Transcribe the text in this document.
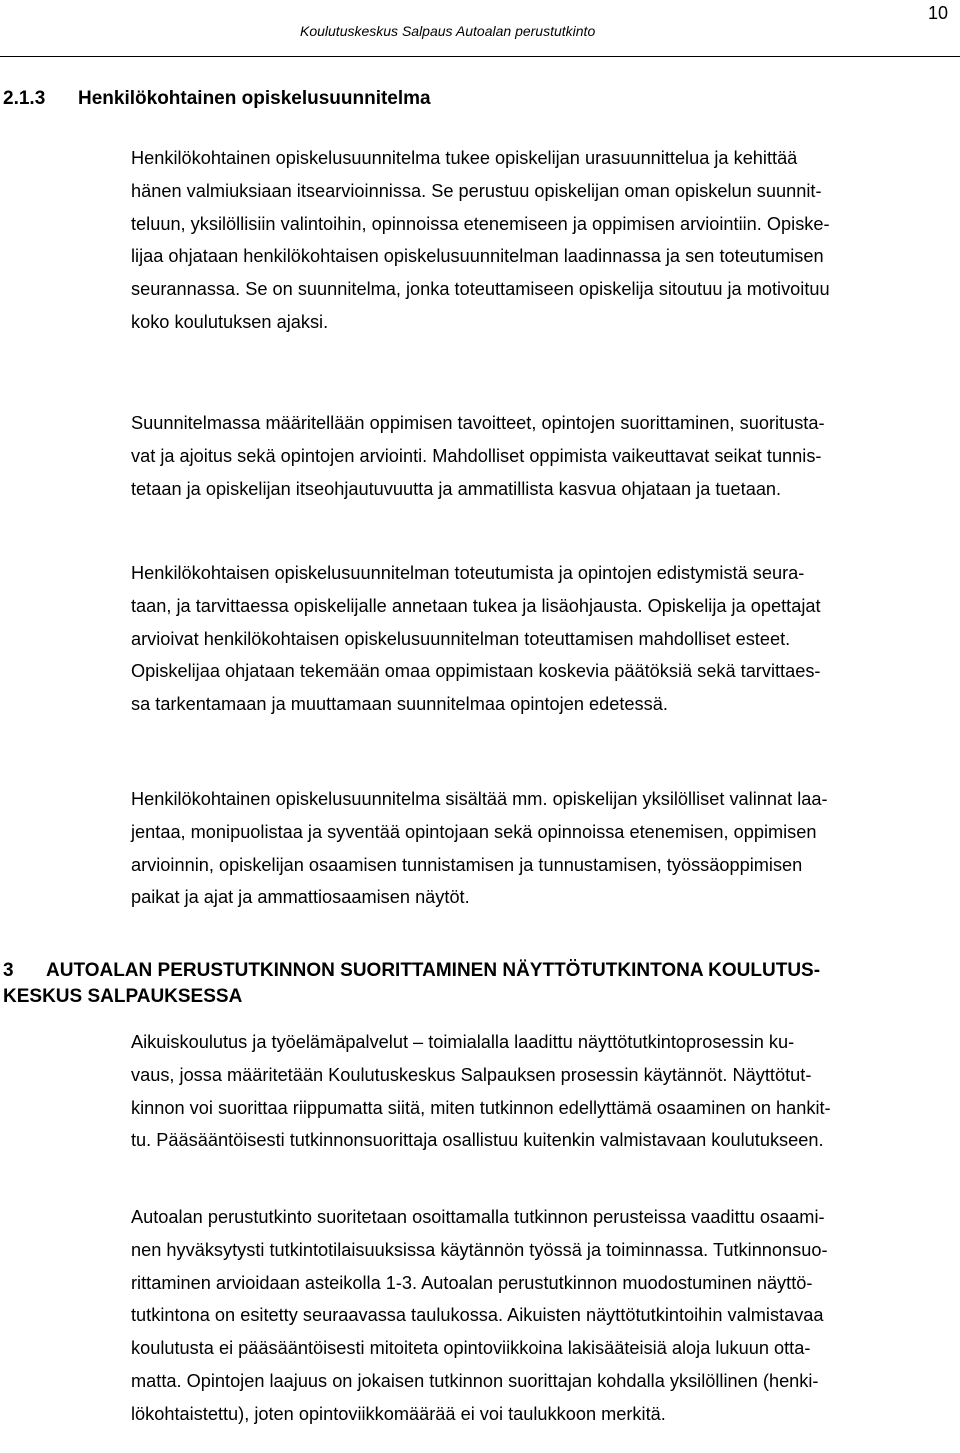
10
Koulutuskeskus Salpaus Autoalan perustutkinto
2.1.3 Henkilökohtainen opiskelusuunnitelma

Henkilökohtainen opiskelusuunnitelma tukee opiskelijan urasuunnittelua ja kehittää
hänen valmiuksiaan itsearvioinnissa. Se perustuu opiskelijan oman opiskelun suunnit-
teluun, yksilöllisiin valintoihin, opinnoissa etenemiseen ja oppimisen arviointiin. Opiske-
lijaa ohjataan henkilökohtaisen opiskelusuunnitelman laadinnassa ja sen toteutumisen
seurannassa. Se on suunnitelma, jonka toteuttamiseen opiskelija sitoutuu ja motivoituu
koko koulutuksen ajaksi.

Suunnitelmassa määritellään oppimisen tavoitteet, opintojen suorittaminen, suoritusta-
vat ja ajoitus sekä opintojen arviointi. Mahdolliset oppimista vaikeuttavat seikat tunnis-
tetaan ja opiskelijan itseohjautuvuutta ja ammatillista kasvua ohjataan ja tuetaan.

Henkilökohtaisen opiskelusuunnitelman toteutumista ja opintojen edistymistä seura-
taan, ja tarvittaessa opiskelijalle annetaan tukea ja lisäohjausta. Opiskelija ja opettajat
arvioivat henkilökohtaisen opiskelusuunnitelman toteuttamisen mahdolliset esteet.
Opiskelijaa ohjataan tekemään omaa oppimistaan koskevia päätöksiä sekä tarvittaes-
sa tarkentamaan ja muuttamaan suunnitelmaa opintojen edetessä.

Henkilökohtainen opiskelusuunnitelma sisältää mm. opiskelijan yksilölliset valinnat laa-
jentaa, monipuolistaa ja syventää opintojaan sekä opinnoissa etenemisen, oppimisen
arvioinnin, opiskelijan osaamisen tunnistamisen ja tunnustamisen, työssäoppimisen
paikat ja ajat ja ammattiosaamisen näytöt.

3 AUTOALAN PERUSTUTKINNON SUORITTAMINEN NÄYTTÖTUTKINTONA KOULUTUS-
KESKUS SALPAUKSESSA

Aikuiskoulutus ja työelämäpalvelut – toimialalla laadittu näyttötutkintoprosessin ku-
vaus, jossa määritetään Koulutuskeskus Salpauksen prosessin käytännöt. Näyttötut-
kinnon voi suorittaa riippumatta siitä, miten tutkinnon edellyttämä osaaminen on hankit-
tu. Pääsääntöisesti tutkinnonsuorittaja osallistuu kuitenkin valmistavaan koulutukseen.

Autoalan perustutkinto suoritetaan osoittamalla tutkinnon perusteissa vaadittu osaami-
nen hyväksytysti tutkintotilaisuuksissa käytännön työssä ja toiminnassa. Tutkinnonsuo-
rittaminen arvioidaan asteikolla 1-3. Autoalan perustutkinnon muodostuminen näyttö-
tutkintona on esitetty seuraavassa taulukossa. Aikuisten näyttötutkintoihin valmistavaa
koulutusta ei pääsääntöisesti mitoiteta opintoviikkoina lakisääteisiä aloja lukuun otta-
matta. Opintojen laajuus on jokaisen tutkinnon suorittajan kohdalla yksilöllinen (henki-
lökohtaistettu), joten opintoviikkomäärää ei voi taulukkoon merkitä.
